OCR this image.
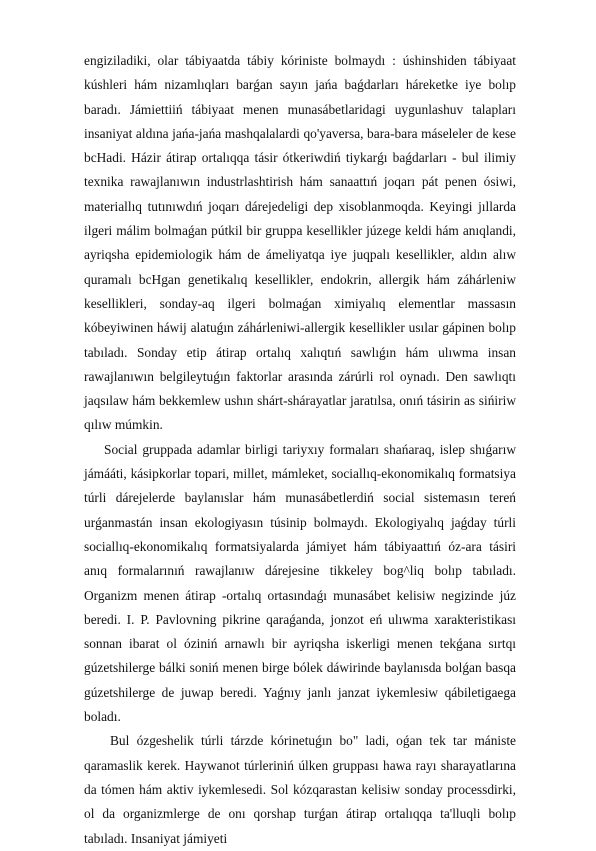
engiziladiki, olar tábiyaatda tábiy kóriniste bolmaydı : úshinshiden tábiyaat kúshleri hám nizamlıqları barǵan sayın jańa baǵdarları háreketke iye bolıp baradı. Jámiettiiń tábiyaat menen munasábetlaridagi uygunlashuv talapları insaniyat aldına jańa-jańa mashqalalardi qo'yaversa, bara-bara máseleler de kese bcHadi. Házir átirap ortalıqqa tásir ótkeriwdiń tiykarǵı baǵdarları - bul ilimiy texnika rawajlanıwın industrlashtirish hám sanaattıń joqarı pát penen ósiwi, materiallıq tutınıwdıń joqarı dárejedeligi dep xisoblanmoqda. Keyingi jıllarda ilgeri málim bolmaǵan pútkil bir gruppa kesellikler júzege keldi hám anıqlandi, ayriqsha epidemiologik hám de ámeliyatqa iye juqpalı kesellikler, aldın alıw quramalı bcHgan genetikalıq kesellikler, endokrin, allergik hám záhárleniw kesellikleri, sonday-aq ilgeri bolmaǵan ximiyalıq elementlar massasın kóbeyiwinen háwij alatuǵın záhárleniwi-allergik kesellikler usılar gápinen bolıp tabıladı. Sonday etip átirap ortalıq xalıqtıń sawlıǵın hám ulıwma insan rawajlanıwın belgileytuǵın faktorlar arasında zárúrli rol oynadı. Den sawlıqtı jaqsılaw hám bekkemlew ushın shárt-shárayatlar jaratılsa, onıń tásirin as sińiriw qılıw múmkin.

Social gruppada adamlar birligi tariyxıy formaları shańaraq, islep shıǵarıw jámááti, kásipkorlar topari, millet, mámleket, sociallıq-ekonomikalıq formatsiya túrli dárejelerde baylanıslar hám munasábetlerdiń social sistemasın tereń urǵanmastán insan ekologiyasın túsinip bolmaydı. Ekologiyalıq jaǵday túrli sociallıq-ekonomikalıq formatsiyalarda jámiyet hám tábiyaattıń óz-ara tásiri anıq formalarınıń rawajlanıw dárejesine tikkeley bog^liq bolıp tabıladı. Organizm menen átirap -ortalıq ortasındaǵı munasábet kelisiw negizinde júz beredi. I. P. Pavlovning pikrine qaraǵanda, jonzot eń ulıwma xarakteristikası sonnan ibarat ol óziniń arnawlı bir ayriqsha iskerligi menen tekǵana sırtqı gúzetshilerge bálki soniń menen birge bólek dáwirinde baylanısda bolǵan basqa gúzetshilerge de juwap beredi. Yaǵnıy janlı janzat iykemlesiw qábiletigaega boladı.

Bul ózgeshelik túrli tárzde kórinetuǵın bo" ladi, oǵan tek tar mániste qaramaslik kerek. Haywanot túrleriniń úlken gruppası hawa rayı sharayatlarına da tómen hám aktiv iykemlesedi. Sol kózqarastan kelisiw sonday processdirki, ol da organizmlerge de onı qorshap turǵan átirap ortalıqqa ta'lluqli bolıp tabıladı. Insaniyat jámiyeti
